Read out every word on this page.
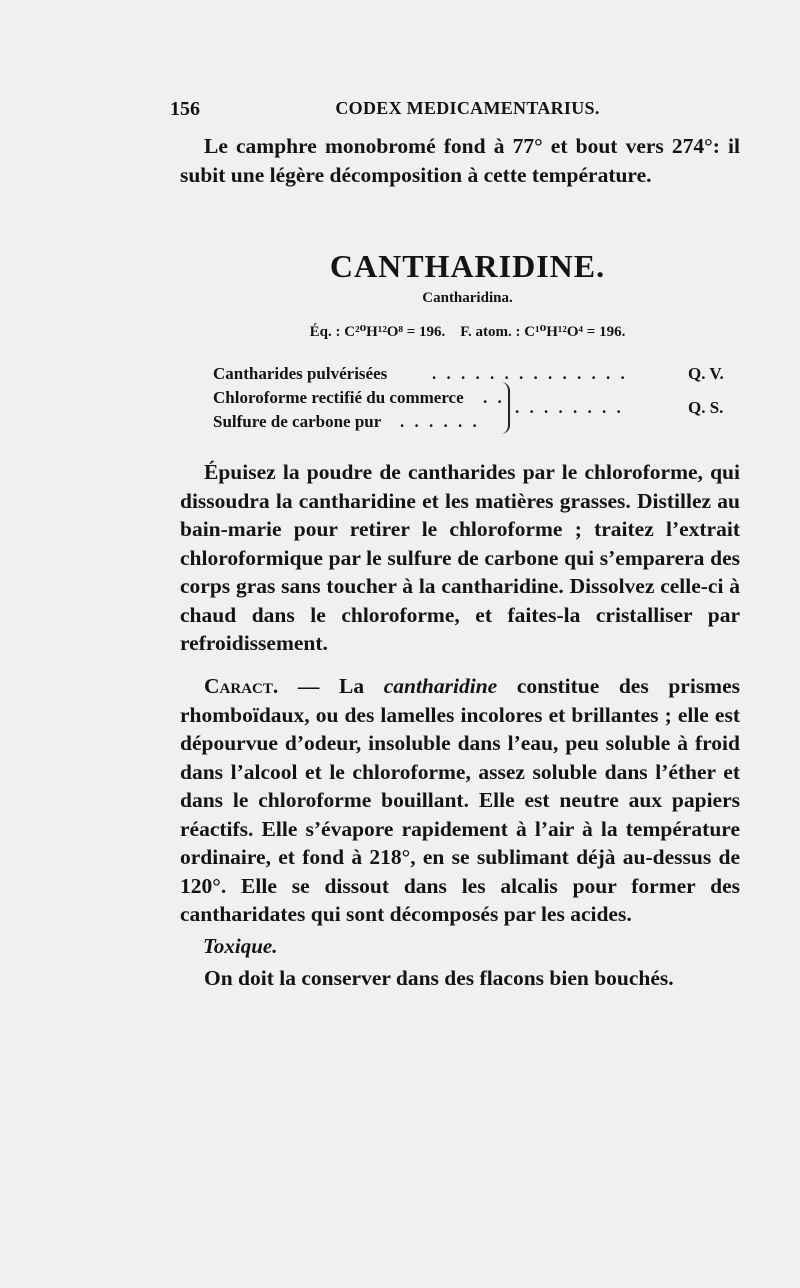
156	CODEX MEDICAMENTARIUS.

Le camphre monobromé fond à 77° et bout vers 274°: il subit une légère décomposition à cette température.

CANTHARIDINE.
Cantharidina.
Éq. : C²⁰H¹²O⁸ = 196.    F. atom. : C¹⁰H¹²O⁴ = 196.
Cantharides pulvérisées	. . . . . . . . . . . . . .	Q. V.
Chloroforme rectifié du commerce . .
Sulfure de carbone pur . . . . . .
. . . . . . . .	Q. S.

Épuisez la poudre de cantharides par le chloroforme, qui dissoudra la cantharidine et les matières grasses. Distillez au bain-marie pour retirer le chloroforme ; traitez l’extrait chloroformique par le sulfure de carbone qui s’emparera des corps gras sans toucher à la cantharidine. Dissolvez celle-ci à chaud dans le chloroforme, et faites-la cristalliser par refroidissement.

Caract. — La cantharidine constitue des prismes rhomboïdaux, ou des lamelles incolores et brillantes ; elle est dépourvue d’odeur, insoluble dans l’eau, peu soluble à froid dans l’alcool et le chloroforme, assez soluble dans l’éther et dans le chloroforme bouillant. Elle est neutre aux papiers réactifs. Elle s’évapore rapidement à l’air à la température ordinaire, et fond à 218°, en se sublimant déjà au-dessus de 120°. Elle se dissout dans les alcalis pour former des cantharidates qui sont décomposés par les acides.

Toxique.

On doit la conserver dans des flacons bien bouchés.
